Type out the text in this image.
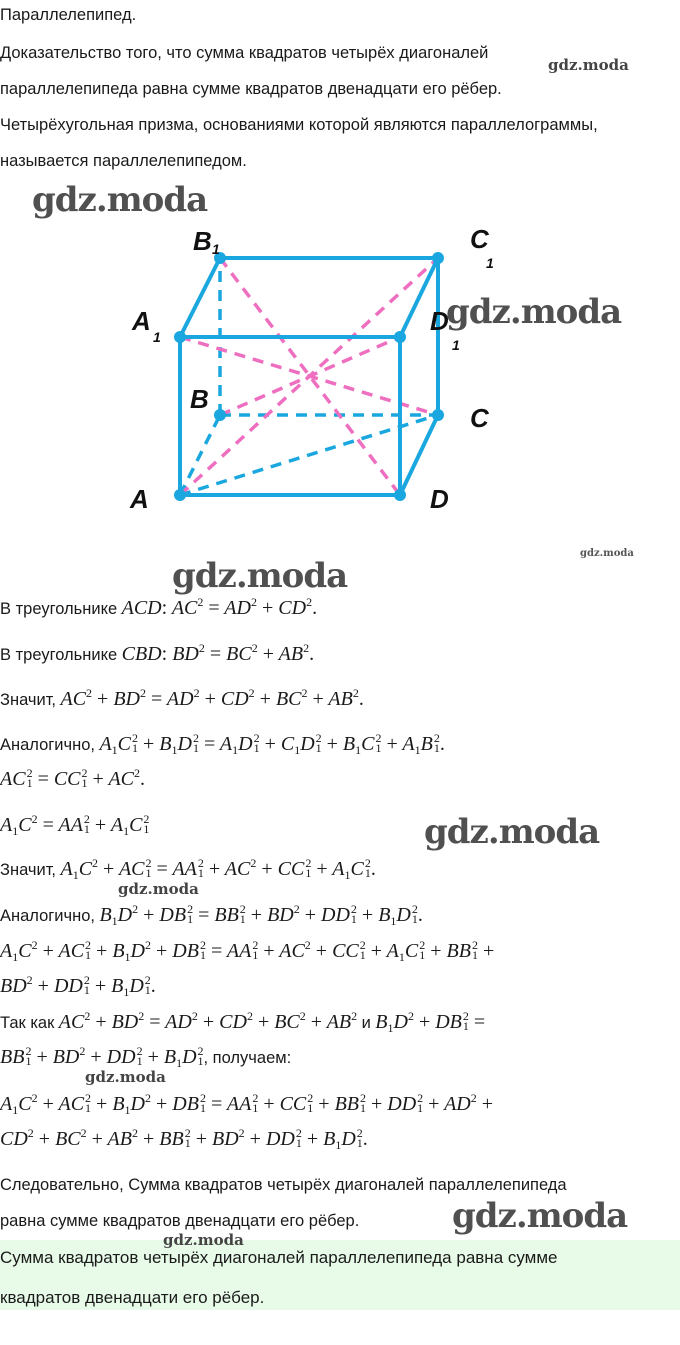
Параллелепипед.
Доказательство того, что сумма квадратов четырёх диагоналей
параллелепипеда равна сумме квадратов двенадцати его рёбер.
Четырёхугольная призма, основаниями которой являются параллелограммы,
называется параллелепипедом.
B 1	C
1
A
1
D
1
B
C
A	D
В треугольнике ACD: $AC^2 = AD^2 + CD^2$.
В треугольнике CBD: $BD^2 = BC^2 + AB^2$.
Значит, $AC^2 + BD^2 = AD^2 + CD^2 + BC^2 + AB^2$.
Аналогично, $A_1C$ 2
$1 + B_1D$ 2
$1 = A_1D$ 2
$1 + C_1D$ 2
$1 + B_1C$ 2
$1 + A_1B$ 2
1 .
AC 2
1 = CC 2
$1 + AC^2$.
$A_1C^2$ = AA 2
$1 + A_1C$ 2
1
Значит, $A_1C^2$ + AC 2
1 = AA 2
$1 + AC^2$ + CC 2
$1 + A_1C$ 2
1 .
Аналогично, $B_1D^2$ + DB 2
1 = BB 2
$1 + BD^2$ + DD 2
$1 + B_1D$ 2
1 .
$A_1C^2$ + AC 2
$1 + B_1D^2$ + DB 2
1 = AA 2
$1 + AC^2$ + CC 2
$1 + A_1C$ 2
1 + BB 2
1 +
$BD^2$ + DD 2
$1 + B_1D$ 2
1 .
Так как $AC^2 + BD^2 = AD^2 + CD^2 + BC^2 + AB^2$ и $B_1D^2$ + DB 2
1 =
BB 2
$1 + BD^2$ + DD 2
$1 + B_1D$ 2
1 , получаем:
$A_1C^2$ + AC 2
$1 + B_1D^2$ + DB 2
1 = AA 2
1 + CC 2
1 + BB 2
1 + DD 2
$1 + AD^2$ +
$CD^2 + BC^2 + AB^2$ + BB 2
$1 + BD^2$ + DD 2
$1 + B_1D$ 2
1 .
Следовательно, Сумма квадратов четырёх диагоналей параллелепипеда
равна сумме квадратов двенадцати его рёбер.
Сумма квадратов четырёх диагоналей параллелепипеда равна сумме
квадратов двенадцати его рёбер.
gdz.moda
gdz.moda
gdz.moda
gdz.moda
gdz.moda
gdz.moda
gdz.moda
gdz.moda
gdz.moda
gdz.moda
